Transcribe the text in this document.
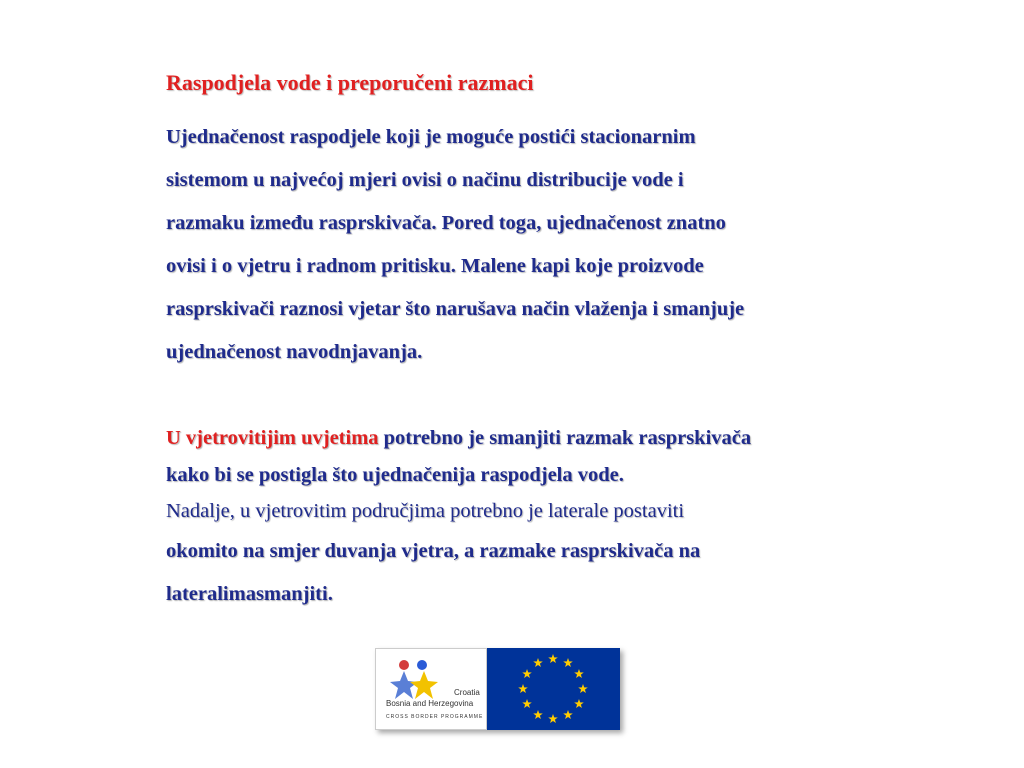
Raspodjela vode i preporučeni razmaci
Ujednačenost raspodjele koji je moguće postići stacionarnim
sistemom u najvećoj mjeri ovisi o načinu distribucije vode i
razmaku između rasprskivača. Pored toga, ujednačenost znatno
ovisi i o vjetru i radnom pritisku. Malene kapi koje proizvode
rasprskivači raznosi vjetar što narušava način vlaženja i smanjuje
ujednačenost navodnjavanja.
U vjetrovitijim uvjetima potrebno je smanjiti razmak rasprskivača
kako bi se postigla što ujednačenija raspodjela vode.
Nadalje, u vjetrovitim područjima potrebno je laterale postaviti
okomito na smjer duvanja vjetra, a razmake rasprskivača na
lateralimasmanjiti.
Croatia
Bosnia and Herzegovina
CROSS BORDER PROGRAMME
